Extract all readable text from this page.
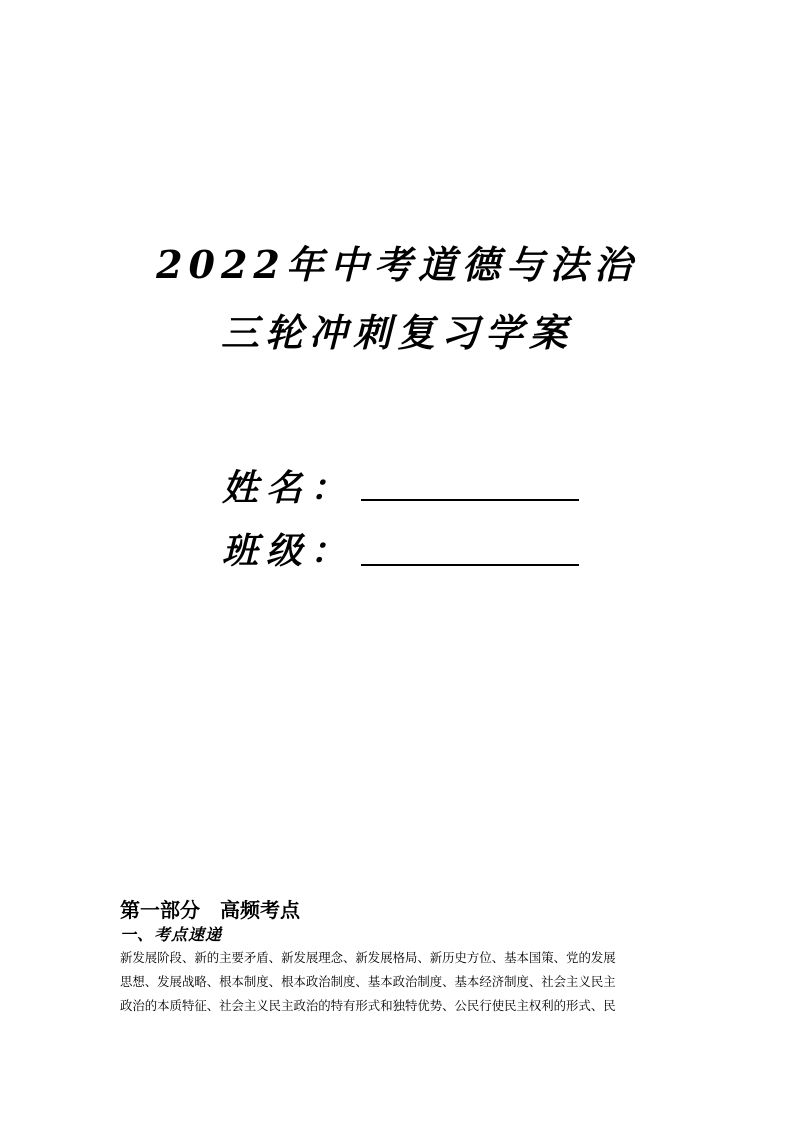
2022年中考道德与法治
三轮冲刺复习学案
姓名：
班级：
第一部分　高频考点
一、考点速递
新发展阶段、新的主要矛盾、新发展理念、新发展格局、新历史方位、基本国策、党的发展
思想、发展战略、根本制度、根本政治制度、基本政治制度、基本经济制度、社会主义民主
政治的本质特征、社会主义民主政治的特有形式和独特优势、公民行使民主权利的形式、民
